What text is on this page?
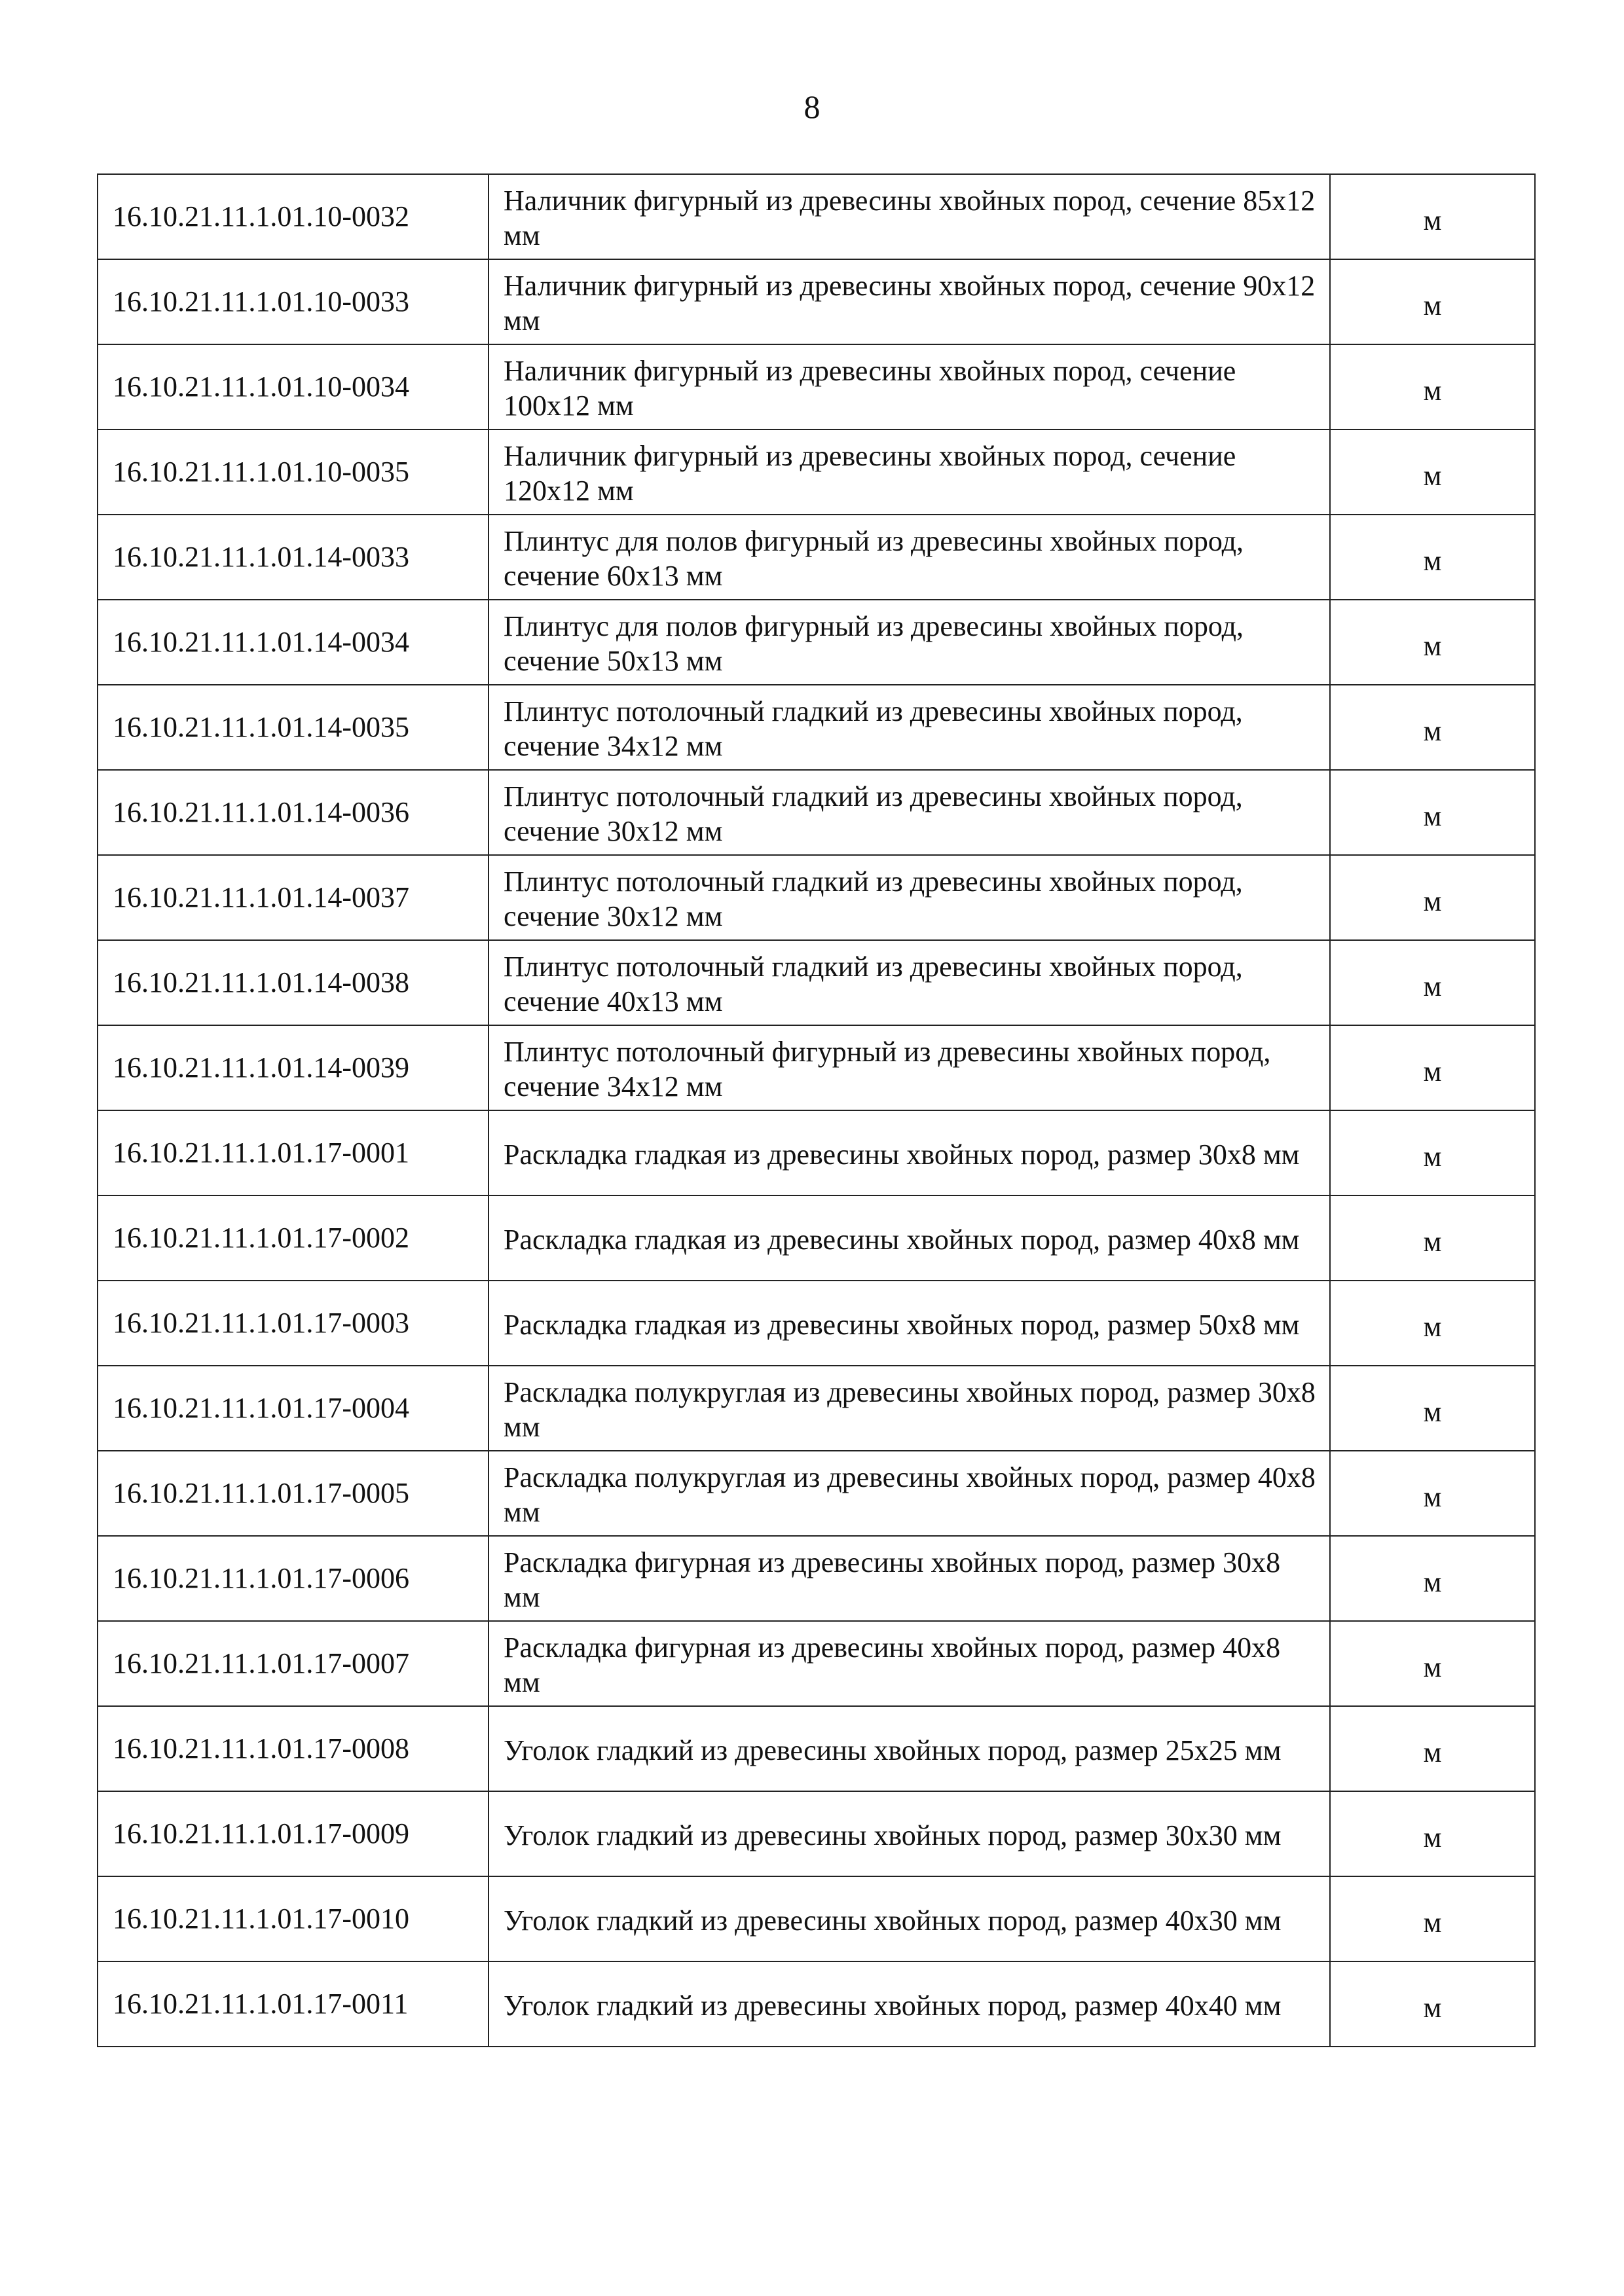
8
16.10.21.11.1.01.10-0032	Наличник фигурный из древесины хвойных пород, сечение 85х12 мм	м
16.10.21.11.1.01.10-0033	Наличник фигурный из древесины хвойных пород, сечение 90х12 мм	м
16.10.21.11.1.01.10-0034	Наличник фигурный из древесины хвойных пород, сечение 100х12 мм	м
16.10.21.11.1.01.10-0035	Наличник фигурный из древесины хвойных пород, сечение 120х12 мм	м
16.10.21.11.1.01.14-0033	Плинтус для полов фигурный из древесины хвойных пород, сечение 60х13 мм	м
16.10.21.11.1.01.14-0034	Плинтус для полов фигурный из древесины хвойных пород, сечение 50х13 мм	м
16.10.21.11.1.01.14-0035	Плинтус потолочный гладкий из древесины хвойных пород, сечение 34х12 мм	м
16.10.21.11.1.01.14-0036	Плинтус потолочный гладкий из древесины хвойных пород, сечение 30х12 мм	м
16.10.21.11.1.01.14-0037	Плинтус потолочный гладкий из древесины хвойных пород, сечение 30х12 мм	м
16.10.21.11.1.01.14-0038	Плинтус потолочный гладкий из древесины хвойных пород, сечение 40х13 мм	м
16.10.21.11.1.01.14-0039	Плинтус потолочный фигурный из древесины хвойных пород, сечение 34х12 мм	м
16.10.21.11.1.01.17-0001	Раскладка гладкая из древесины хвойных пород, размер 30х8 мм	м
16.10.21.11.1.01.17-0002	Раскладка гладкая из древесины хвойных пород, размер 40х8 мм	м
16.10.21.11.1.01.17-0003	Раскладка гладкая из древесины хвойных пород, размер 50х8 мм	м
16.10.21.11.1.01.17-0004	Раскладка полукруглая из древесины хвойных пород, размер 30х8 мм	м
16.10.21.11.1.01.17-0005	Раскладка полукруглая из древесины хвойных пород, размер 40х8 мм	м
16.10.21.11.1.01.17-0006	Раскладка фигурная из древесины хвойных пород, размер 30х8 мм	м
16.10.21.11.1.01.17-0007	Раскладка фигурная из древесины хвойных пород, размер 40х8 мм	м
16.10.21.11.1.01.17-0008	Уголок гладкий из древесины хвойных пород, размер 25х25 мм	м
16.10.21.11.1.01.17-0009	Уголок гладкий из древесины хвойных пород, размер 30х30 мм	м
16.10.21.11.1.01.17-0010	Уголок гладкий из древесины хвойных пород, размер 40х30 мм	м
16.10.21.11.1.01.17-0011	Уголок гладкий из древесины хвойных пород, размер 40х40 мм	м
